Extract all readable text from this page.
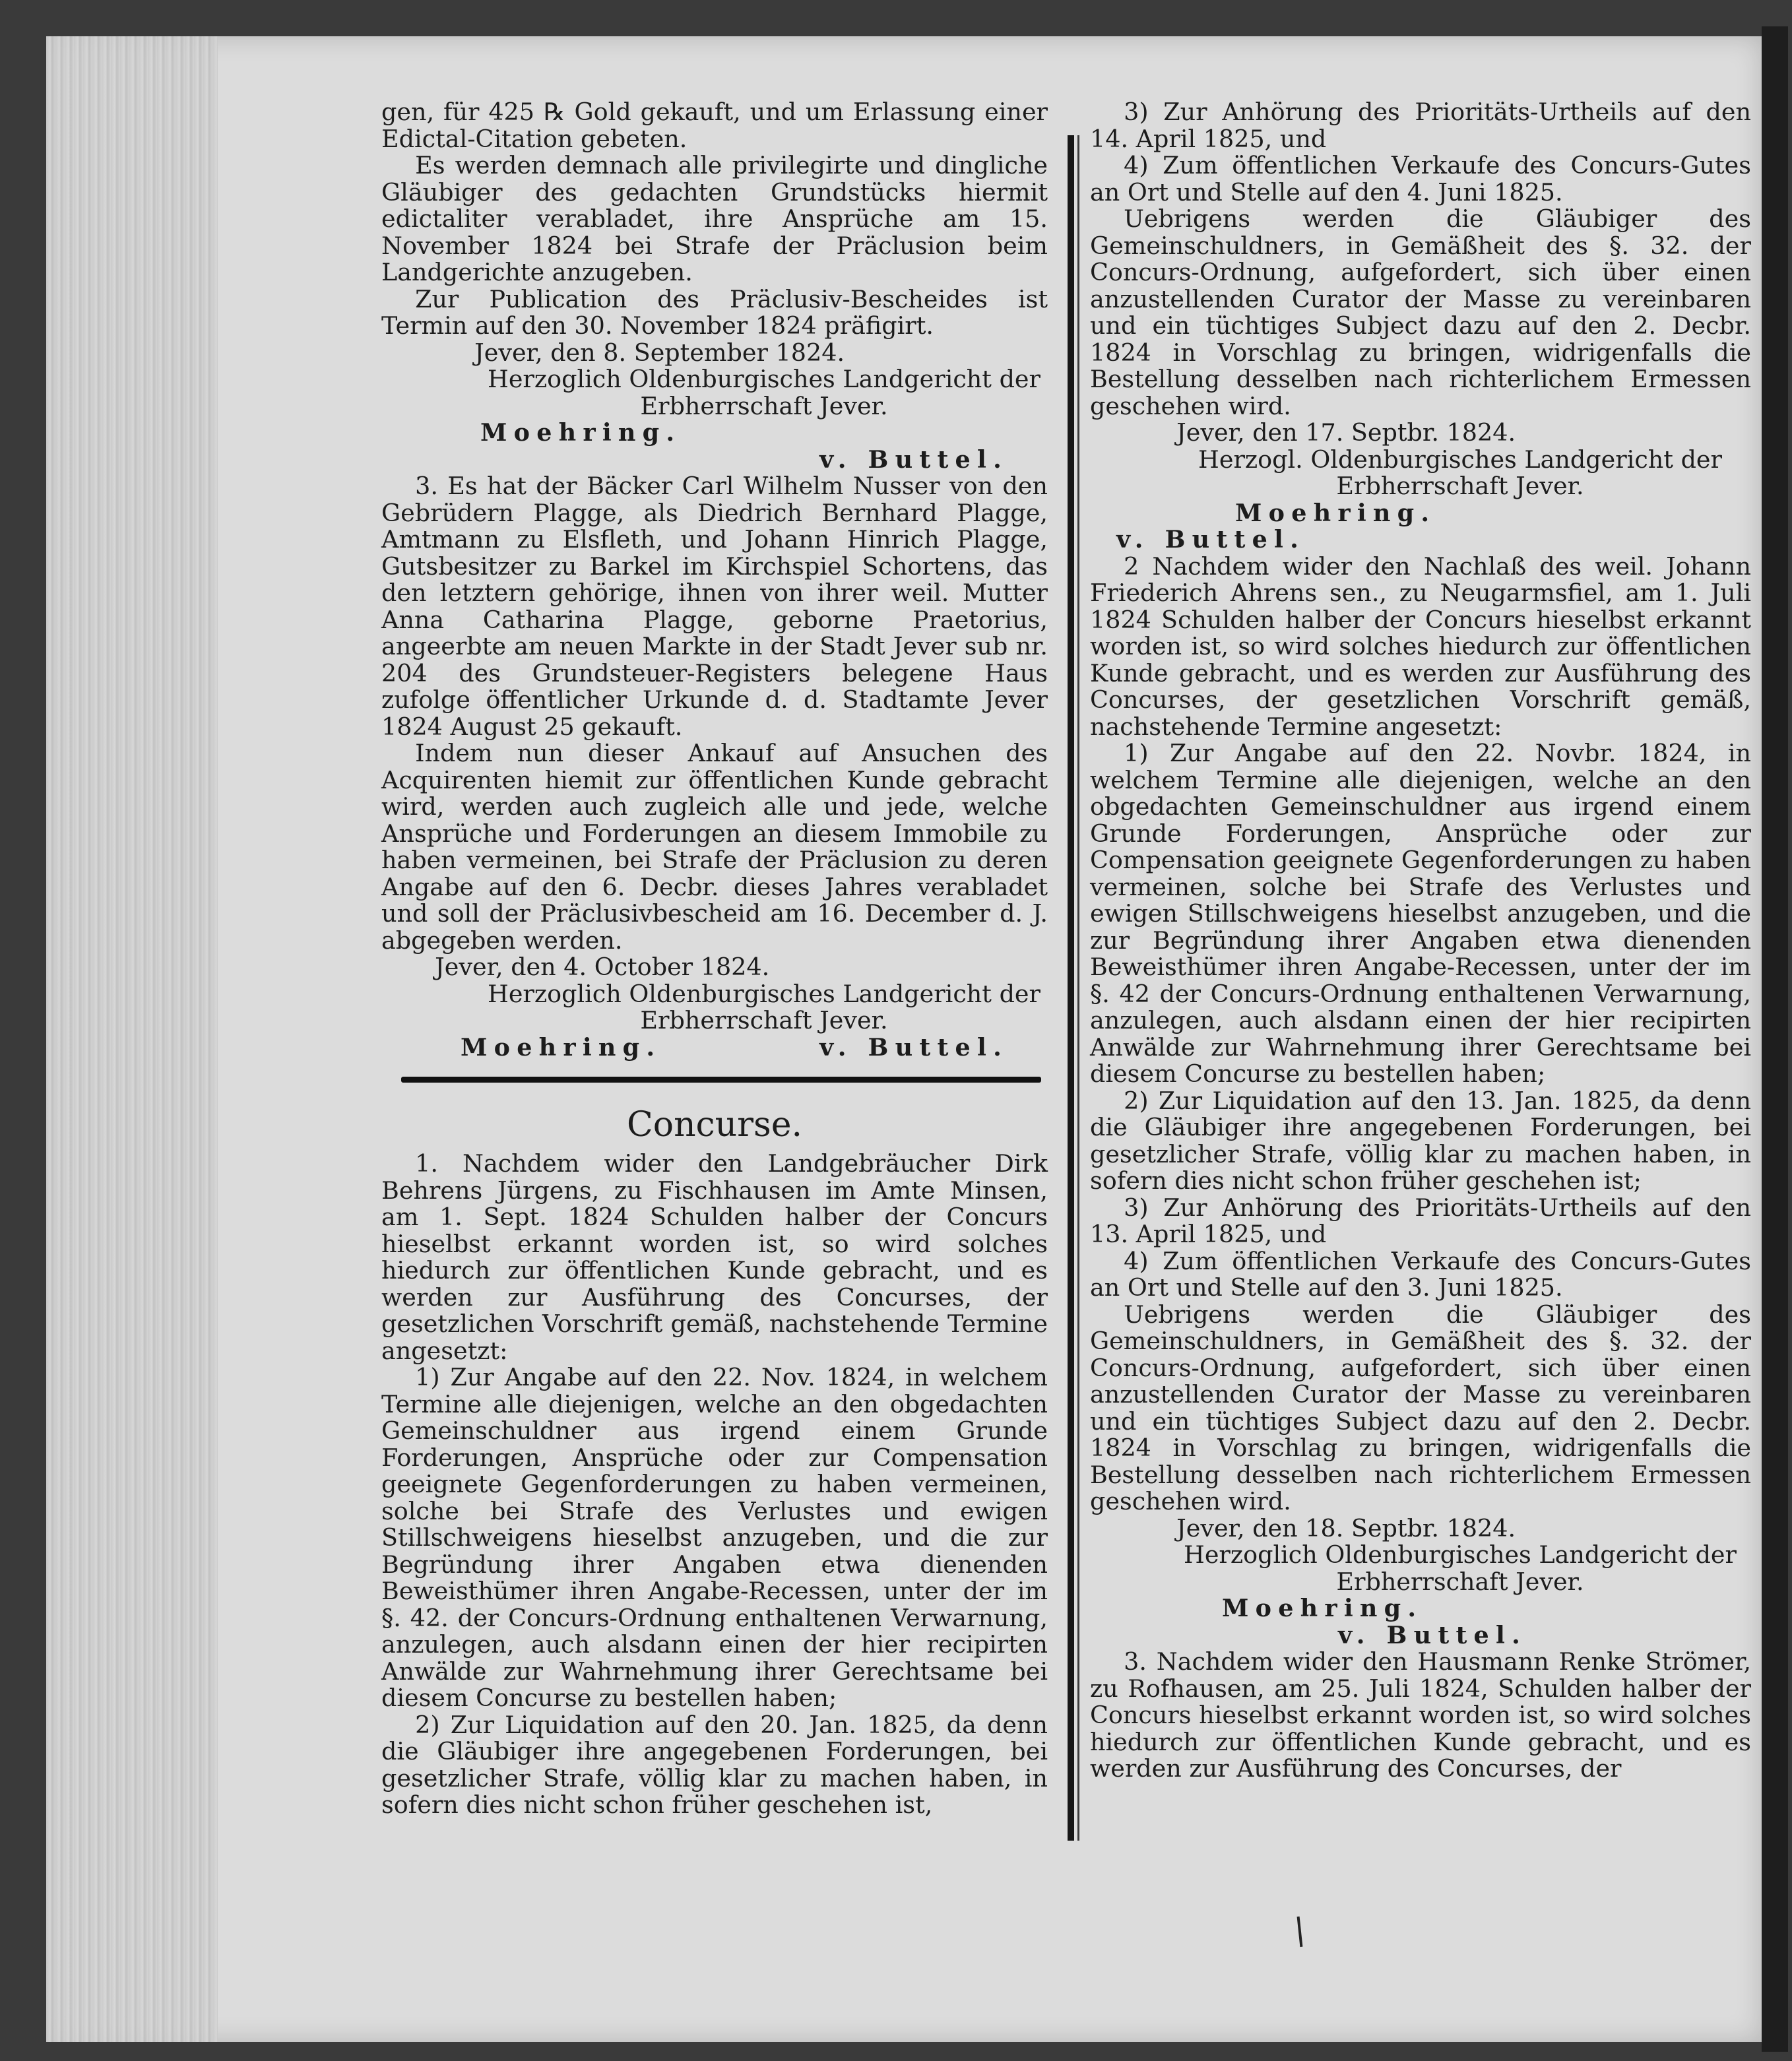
gen, für 425 ℞ Gold gekauft, und um Erlassung einer Edictal-Citation gebeten.

Es werden demnach alle privilegirte und dingliche Gläubiger des gedachten Grundstücks hiermit edictaliter verabladet, ihre Ansprüche am 15. November 1824 bei Strafe der Präclusion beim Landgerichte anzugeben.

Zur Publication des Präclusiv-Bescheides ist Termin auf den 30. November 1824 präfigirt.

Jever, den 8. September 1824.

Herzoglich Oldenburgisches Landgericht der Erbherrschaft Jever.

Moehring.
v. Buttel.

3. Es hat der Bäcker Carl Wilhelm Nusser von den Gebrüdern Plagge, als Diedrich Bernhard Plagge, Amtmann zu Elsfleth, und Johann Hinrich Plagge, Gutsbesitzer zu Barkel im Kirchspiel Schortens, das den letztern gehörige, ihnen von ihrer weil. Mutter Anna Catharina Plagge, geborne Praetorius, angeerbte am neuen Markte in der Stadt Jever sub nr. 204 des Grundsteuer-Registers belegene Haus zufolge öffentlicher Urkunde d. d. Stadtamte Jever 1824 August 25 gekauft.

Indem nun dieser Ankauf auf Ansuchen des Acquirenten hiemit zur öffentlichen Kunde gebracht wird, werden auch zugleich alle und jede, welche Ansprüche und Forderungen an diesem Immobile zu haben vermeinen, bei Strafe der Präclusion zu deren Angabe auf den 6. Decbr. dieses Jahres verabladet und soll der Präclusivbescheid am 16. December d. J. abgegeben werden.

Jever, den 4. October 1824.

Herzoglich Oldenburgisches Landgericht der Erbherrschaft Jever.

Moehring.	v. Buttel.
Concurse.

1. Nachdem wider den Landgebräucher Dirk Behrens Jürgens, zu Fischhausen im Amte Minsen, am 1. Sept. 1824 Schulden halber der Concurs hieselbst erkannt worden ist, so wird solches hiedurch zur öffentlichen Kunde gebracht, und es werden zur Ausführung des Concurses, der gesetzlichen Vorschrift gemäß, nachstehende Termine angesetzt:

1) Zur Angabe auf den 22. Nov. 1824, in welchem Termine alle diejenigen, welche an den obgedachten Gemeinschuldner aus irgend einem Grunde Forderungen, Ansprüche oder zur Compensation geeignete Gegenforderungen zu haben vermeinen, solche bei Strafe des Verlustes und ewigen Stillschweigens hieselbst anzugeben, und die zur Begründung ihrer Angaben etwa dienenden Beweisthümer ihren Angabe-Recessen, unter der im §. 42. der Concurs-Ordnung enthaltenen Verwarnung, anzulegen, auch alsdann einen der hier recipirten Anwälde zur Wahrnehmung ihrer Gerechtsame bei diesem Concurse zu bestellen haben;

2) Zur Liquidation auf den 20. Jan. 1825, da denn die Gläubiger ihre angegebenen Forderungen, bei gesetzlicher Strafe, völlig klar zu machen haben, in sofern dies nicht schon früher geschehen ist,

3) Zur Anhörung des Prioritäts-Urtheils auf den 14. April 1825, und

4) Zum öffentlichen Verkaufe des Concurs-Gutes an Ort und Stelle auf den 4. Juni 1825.

Uebrigens werden die Gläubiger des Gemeinschuldners, in Gemäßheit des §. 32. der Concurs-Ordnung, aufgefordert, sich über einen anzustellenden Curator der Masse zu vereinbaren und ein tüchtiges Subject dazu auf den 2. Decbr. 1824 in Vorschlag zu bringen, widrigenfalls die Bestellung desselben nach richterlichem Ermessen geschehen wird.

Jever, den 17. Septbr. 1824.

Herzogl. Oldenburgisches Landgericht der Erbherrschaft Jever.

Moehring.
v. Buttel.

2 Nachdem wider den Nachlaß des weil. Johann Friederich Ahrens sen., zu Neugarmsfiel, am 1. Juli 1824 Schulden halber der Concurs hieselbst erkannt worden ist, so wird solches hiedurch zur öffentlichen Kunde gebracht, und es werden zur Ausführung des Concurses, der gesetzlichen Vorschrift gemäß, nachstehende Termine angesetzt:

1) Zur Angabe auf den 22. Novbr. 1824, in welchem Termine alle diejenigen, welche an den obgedachten Gemeinschuldner aus irgend einem Grunde Forderungen, Ansprüche oder zur Compensation geeignete Gegenforderungen zu haben vermeinen, solche bei Strafe des Verlustes und ewigen Stillschweigens hieselbst anzugeben, und die zur Begründung ihrer Angaben etwa dienenden Beweisthümer ihren Angabe-Recessen, unter der im §. 42 der Concurs-Ordnung enthaltenen Verwarnung, anzulegen, auch alsdann einen der hier recipirten Anwälde zur Wahrnehmung ihrer Gerechtsame bei diesem Concurse zu bestellen haben;

2) Zur Liquidation auf den 13. Jan. 1825, da denn die Gläubiger ihre angegebenen Forderungen, bei gesetzlicher Strafe, völlig klar zu machen haben, in sofern dies nicht schon früher geschehen ist;

3) Zur Anhörung des Prioritäts-Urtheils auf den 13. April 1825, und

4) Zum öffentlichen Verkaufe des Concurs-Gutes an Ort und Stelle auf den 3. Juni 1825.

Uebrigens werden die Gläubiger des Gemeinschuldners, in Gemäßheit des §. 32. der Concurs-Ordnung, aufgefordert, sich über einen anzustellenden Curator der Masse zu vereinbaren und ein tüchtiges Subject dazu auf den 2. Decbr. 1824 in Vorschlag zu bringen, widrigenfalls die Bestellung desselben nach richterlichem Ermessen geschehen wird.

Jever, den 18. Septbr. 1824.

Herzoglich Oldenburgisches Landgericht der Erbherrschaft Jever.

Moehring.
v. Buttel.

3. Nachdem wider den Hausmann Renke Strömer, zu Rofhausen, am 25. Juli 1824, Schulden halber der Concurs hieselbst erkannt worden ist, so wird solches hiedurch zur öffentlichen Kunde gebracht, und es werden zur Ausführung des Concurses, der
